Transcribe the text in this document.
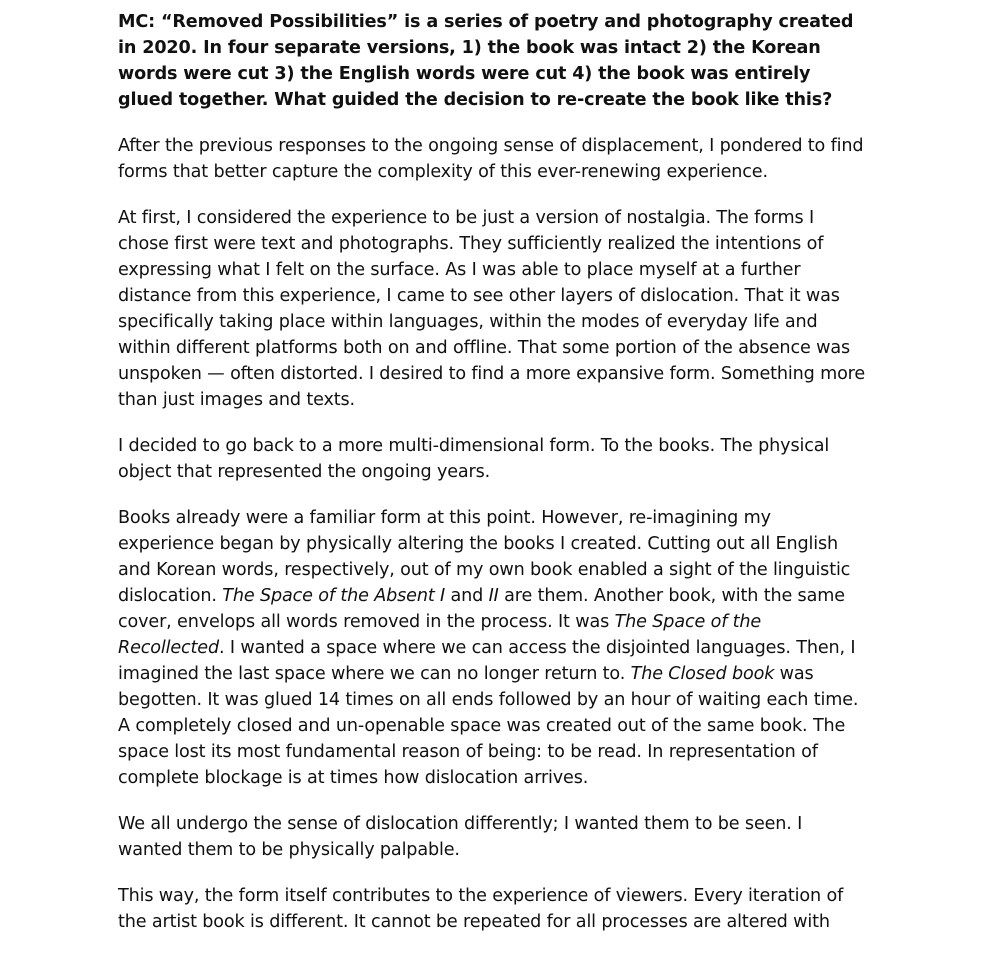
MC: “Removed Possibilities” is a series of poetry and photography created in 2020. In four separate versions, 1) the book was intact 2) the Korean words were cut 3) the English words were cut 4) the book was entirely glued together. What guided the decision to re-create the book like this?

After the previous responses to the ongoing sense of displacement, I pondered to find forms that better capture the complexity of this ever-renewing experience.

At first, I considered the experience to be just a version of nostalgia. The forms I chose first were text and photographs. They sufficiently realized the intentions of expressing what I felt on the surface. As I was able to place myself at a further distance from this experience, I came to see other layers of dislocation. That it was specifically taking place within languages, within the modes of everyday life and within different platforms both on and offline. That some portion of the absence was unspoken — often distorted. I desired to find a more expansive form. Something more than just images and texts.

I decided to go back to a more multi-dimensional form. To the books. The physical object that represented the ongoing years.

Books already were a familiar form at this point. However, re-imagining my experience began by physically altering the books I created. Cutting out all English and Korean words, respectively, out of my own book enabled a sight of the linguistic dislocation. The Space of the Absent I and II are them. Another book, with the same cover, envelops all words removed in the process. It was The Space of the Recollected. I wanted a space where we can access the disjointed languages. Then, I imagined the last space where we can no longer return to. The Closed book was begotten. It was glued 14 times on all ends followed by an hour of waiting each time. A completely closed and un-openable space was created out of the same book. The space lost its most fundamental reason of being: to be read. In representation of complete blockage is at times how dislocation arrives.

We all undergo the sense of dislocation differently; I wanted them to be seen. I wanted them to be physically palpable.

This way, the form itself contributes to the experience of viewers. Every iteration of the artist book is different. It cannot be repeated for all processes are altered with
